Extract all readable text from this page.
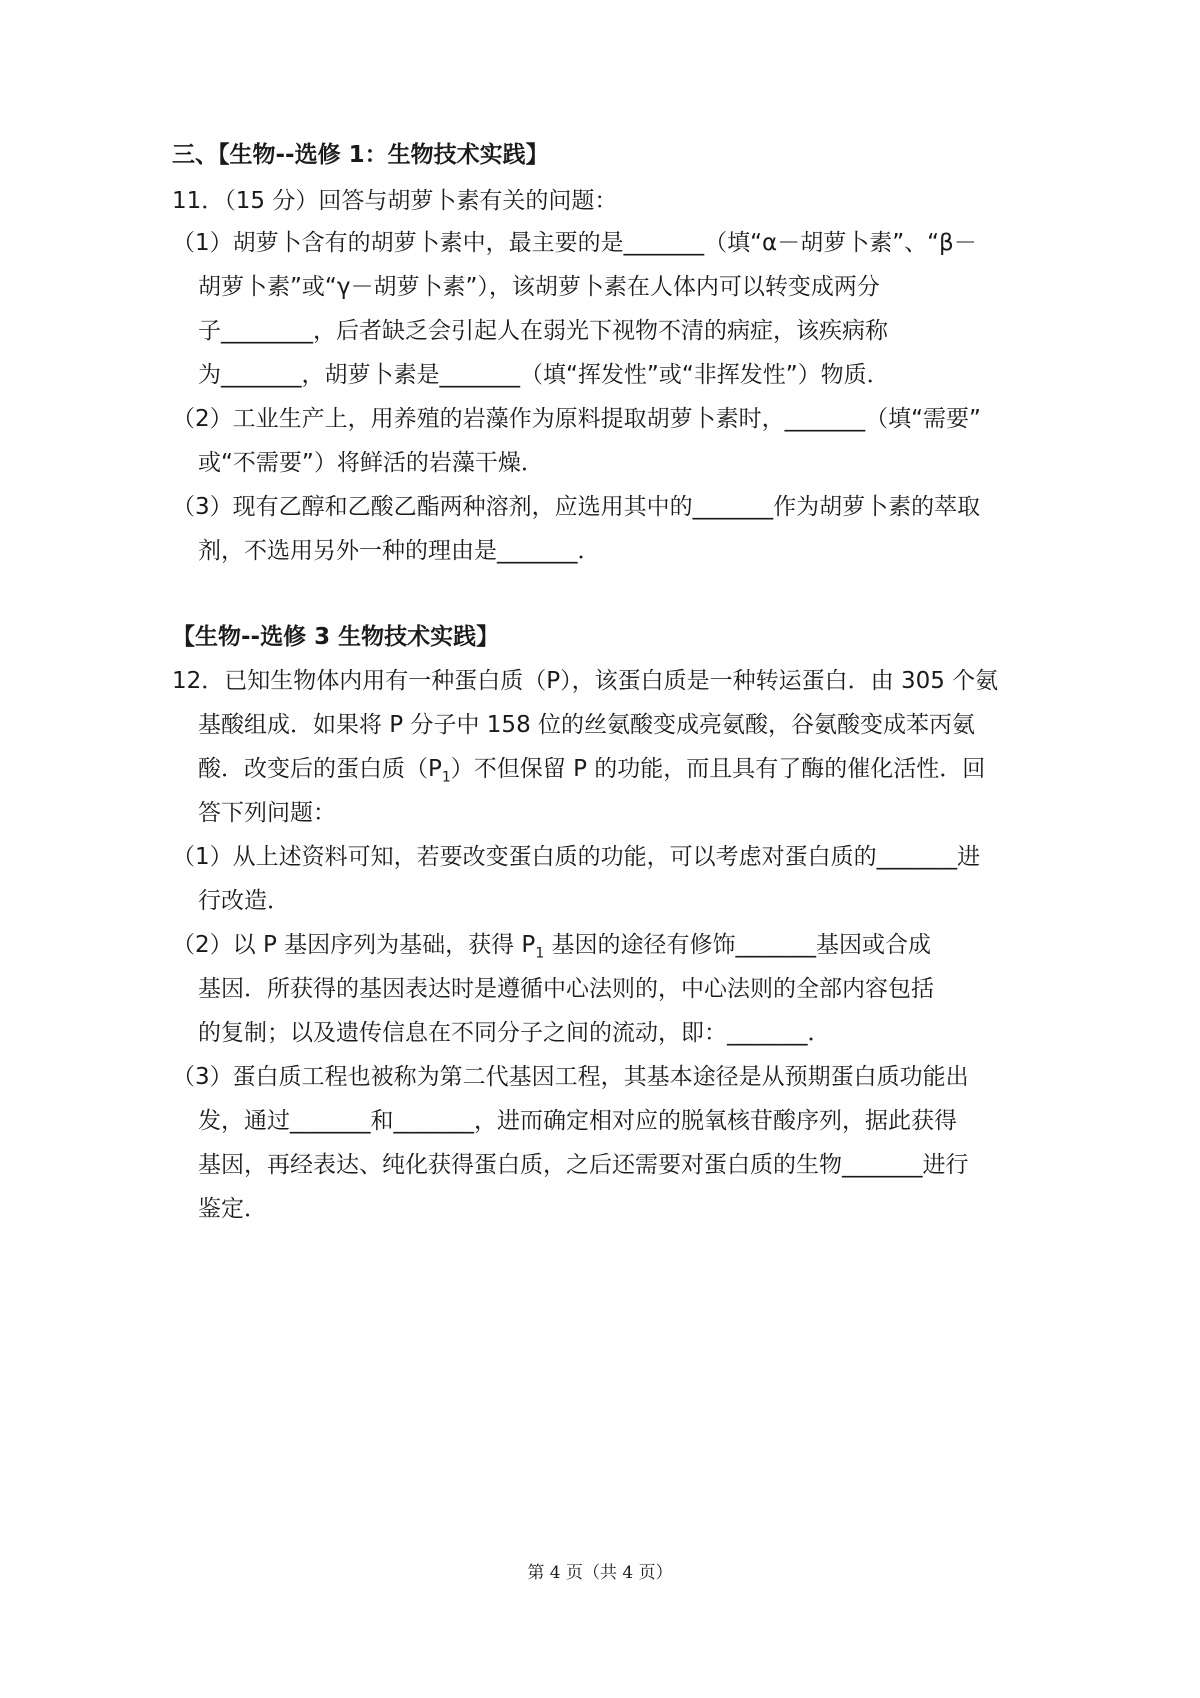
三、【生物--选修 1：生物技术实践】
11．（15 分）回答与胡萝卜素有关的问题：
（1）胡萝卜含有的胡萝卜素中，最主要的是_______（填“α－胡萝卜素”、“β－
胡萝卜素”或“γ－胡萝卜素”），该胡萝卜素在人体内可以转变成两分
子________，后者缺乏会引起人在弱光下视物不清的病症，该疾病称
为_______，胡萝卜素是_______（填“挥发性”或“非挥发性”）物质．
（2）工业生产上，用养殖的岩藻作为原料提取胡萝卜素时，_______（填“需要”
或“不需要”）将鲜活的岩藻干燥．
（3）现有乙醇和乙酸乙酯两种溶剂，应选用其中的_______作为胡萝卜素的萃取
剂，不选用另外一种的理由是_______．
【生物--选修 3 生物技术实践】
12．已知生物体内用有一种蛋白质（P），该蛋白质是一种转运蛋白．由 305 个氨
基酸组成．如果将 P 分子中 158 位的丝氨酸变成亮氨酸，谷氨酸变成苯丙氨
酸．改变后的蛋白质$(P_1)$不但保留 P 的功能，而且具有了酶的催化活性．回
答下列问题：
（1）从上述资料可知，若要改变蛋白质的功能，可以考虑对蛋白质的_______进
行改造．
（2）以 P 基因序列为基础，获得 $P_1$ 基因的途径有修饰_______基因或合成
基因．所获得的基因表达时是遵循中心法则的，中心法则的全部内容包括
的复制；以及遗传信息在不同分子之间的流动，即：_______．
（3）蛋白质工程也被称为第二代基因工程，其基本途径是从预期蛋白质功能出
发，通过_______和_______，进而确定相对应的脱氧核苷酸序列，据此获得
基因，再经表达、纯化获得蛋白质，之后还需要对蛋白质的生物_______进行
鉴定．
第 4 页（共 4 页）
